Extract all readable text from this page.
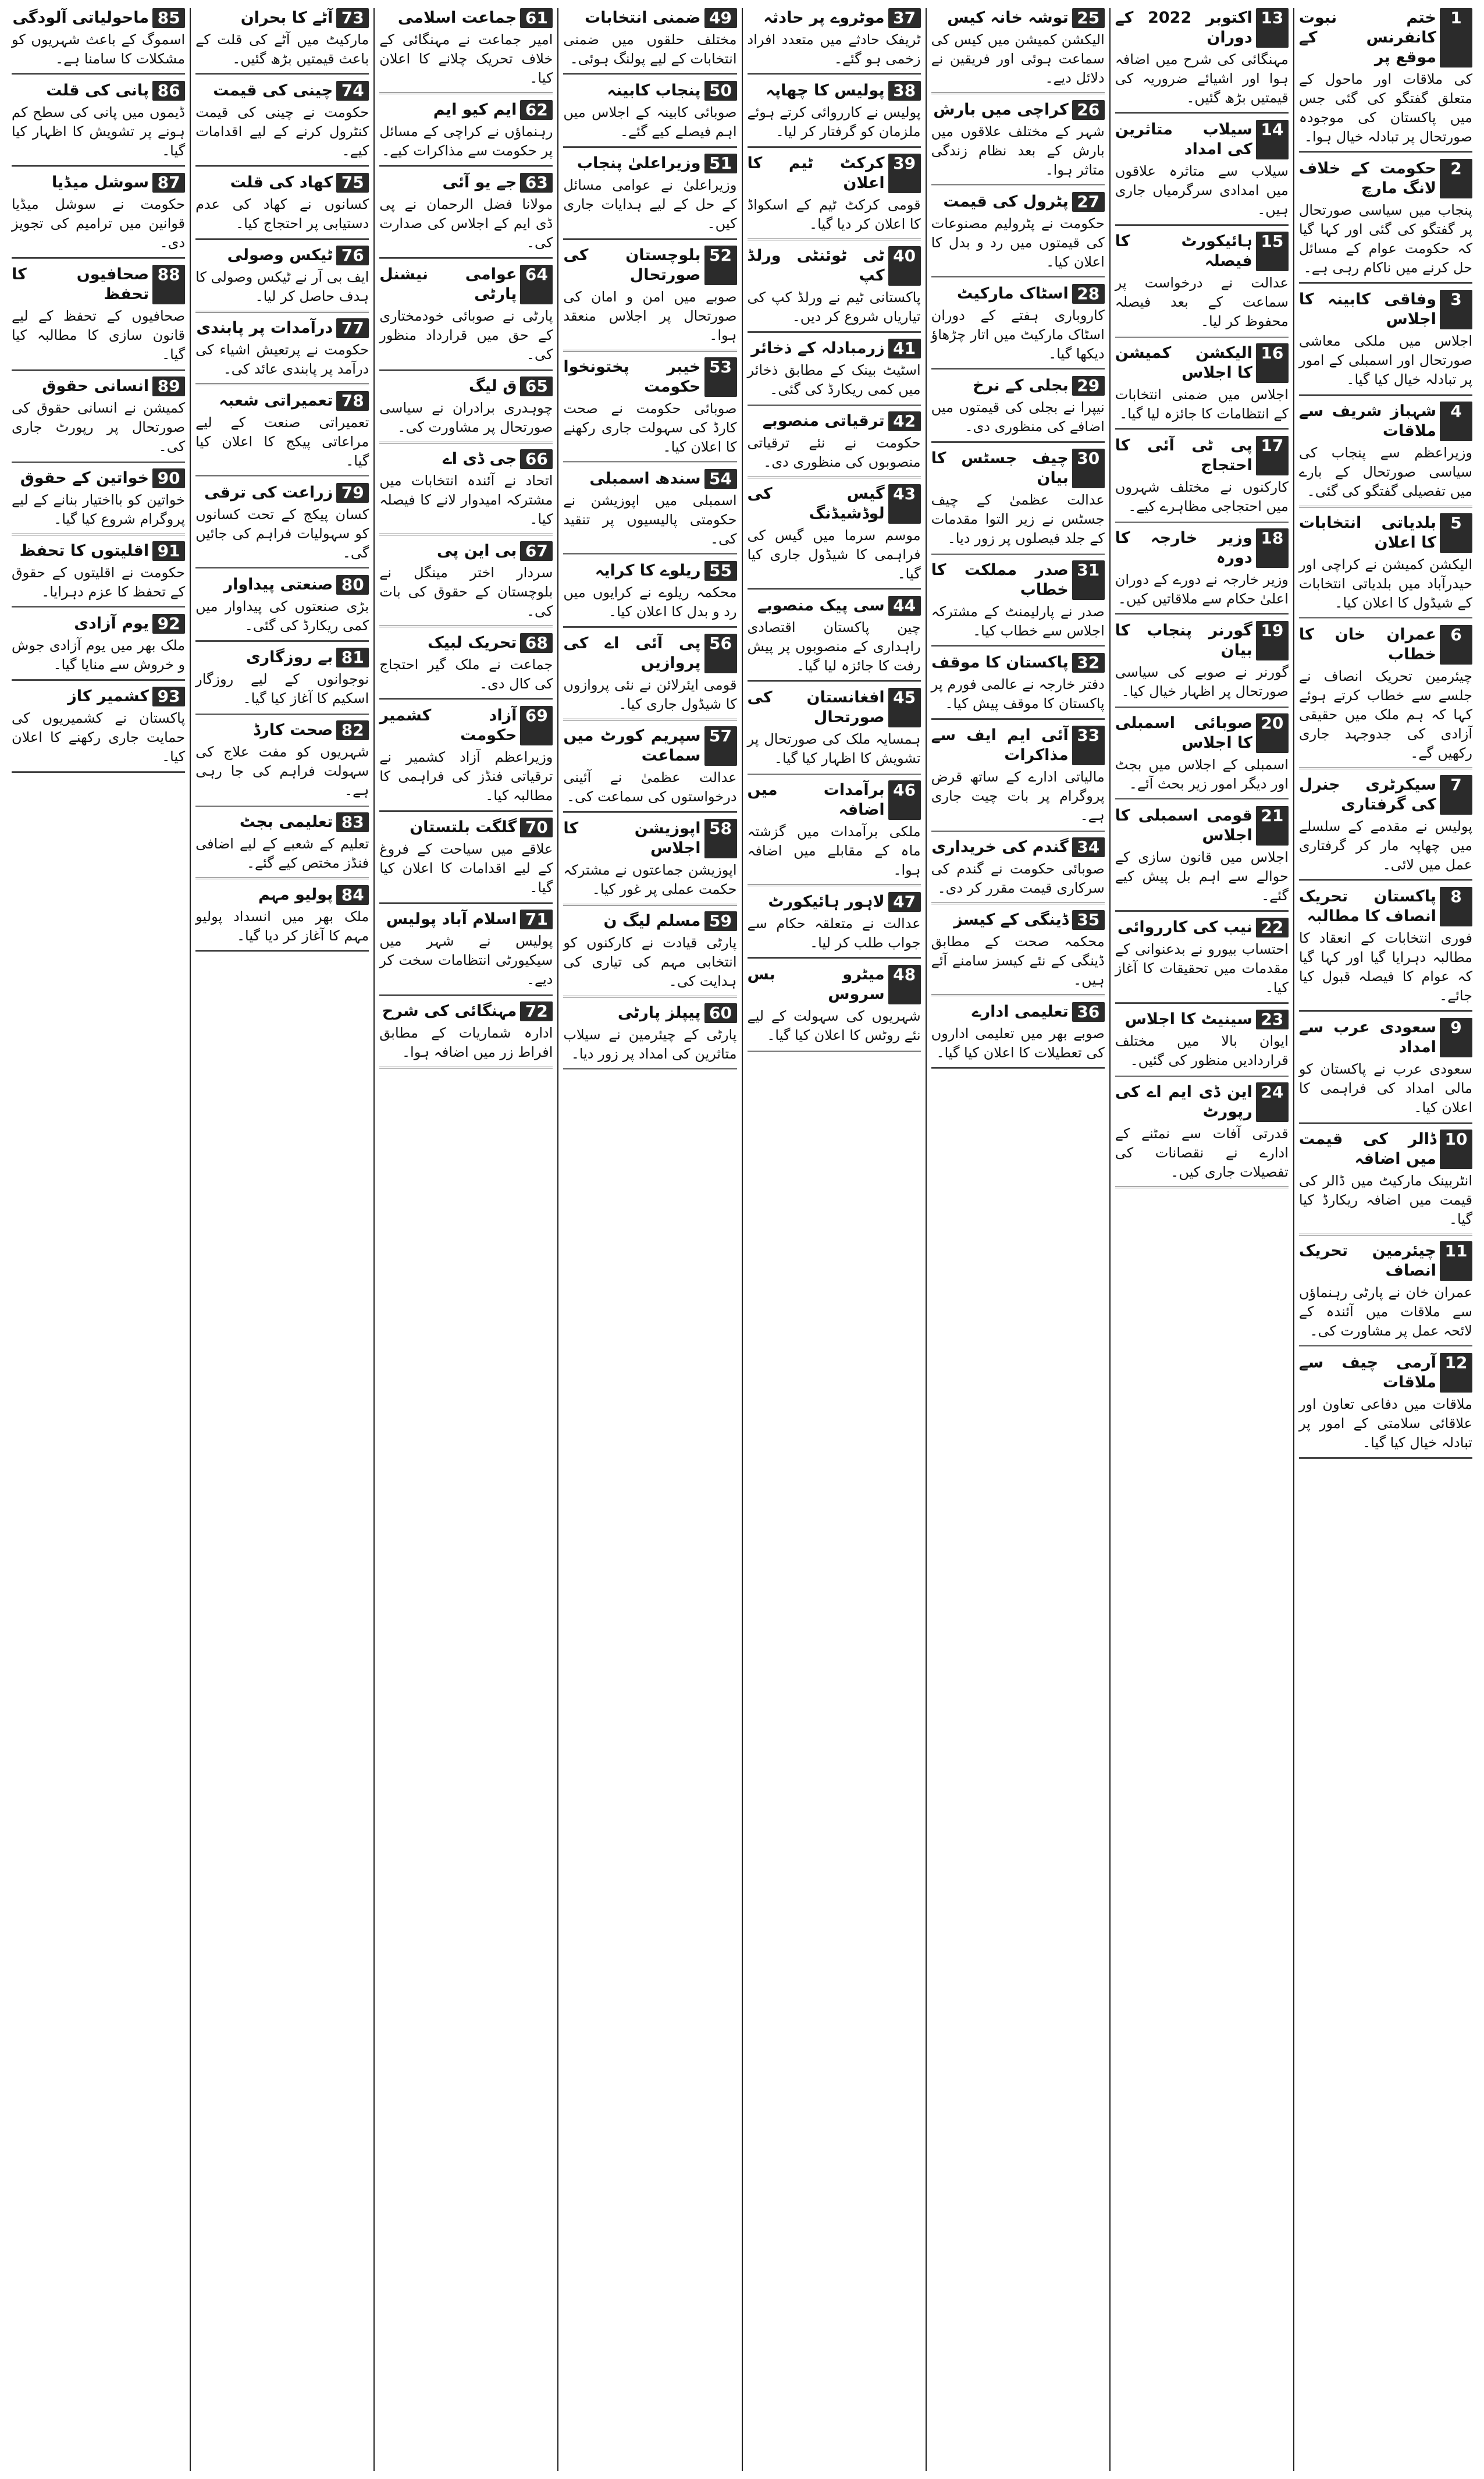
1
ختم نبوت کانفرنس کے موقع پر

کی ملاقات اور ماحول کے متعلق گفتگو کی گئی جس میں پاکستان کی موجودہ صورتحال پر تبادلہ خیال ہوا۔

2
حکومت کے خلاف لانگ مارچ

پنجاب میں سیاسی صورتحال پر گفتگو کی گئی اور کہا گیا کہ حکومت عوام کے مسائل حل کرنے میں ناکام رہی ہے۔

3
وفاقی کابینہ کا اجلاس

اجلاس میں ملکی معاشی صورتحال اور اسمبلی کے امور پر تبادلہ خیال کیا گیا۔

4
شہباز شریف سے ملاقات

وزیراعظم سے پنجاب کی سیاسی صورتحال کے بارے میں تفصیلی گفتگو کی گئی۔

5
بلدیاتی انتخابات کا اعلان

الیکشن کمیشن نے کراچی اور حیدرآباد میں بلدیاتی انتخابات کے شیڈول کا اعلان کیا۔

6
عمران خان کا خطاب

چیئرمین تحریک انصاف نے جلسے سے خطاب کرتے ہوئے کہا کہ ہم ملک میں حقیقی آزادی کی جدوجہد جاری رکھیں گے۔

7
سیکرٹری جنرل کی گرفتاری

پولیس نے مقدمے کے سلسلے میں چھاپہ مار کر گرفتاری عمل میں لائی۔

8
پاکستان تحریک انصاف کا مطالبہ

فوری انتخابات کے انعقاد کا مطالبہ دہرایا گیا اور کہا گیا کہ عوام کا فیصلہ قبول کیا جائے۔

9
سعودی عرب سے امداد

سعودی عرب نے پاکستان کو مالی امداد کی فراہمی کا اعلان کیا۔

10
ڈالر کی قیمت میں اضافہ

انٹربینک مارکیٹ میں ڈالر کی قیمت میں اضافہ ریکارڈ کیا گیا۔

11
چیئرمین تحریک انصاف

عمران خان نے پارٹی رہنماؤں سے ملاقات میں آئندہ کے لائحہ عمل پر مشاورت کی۔

12
آرمی چیف سے ملاقات

ملاقات میں دفاعی تعاون اور علاقائی سلامتی کے امور پر تبادلہ خیال کیا گیا۔

13
اکتوبر 2022 کے دوران

مہنگائی کی شرح میں اضافہ ہوا اور اشیائے ضروریہ کی قیمتیں بڑھ گئیں۔

14
سیلاب متاثرین کی امداد

سیلاب سے متاثرہ علاقوں میں امدادی سرگرمیاں جاری ہیں۔

15
ہائیکورٹ کا فیصلہ

عدالت نے درخواست پر سماعت کے بعد فیصلہ محفوظ کر لیا۔

16
الیکشن کمیشن کا اجلاس

اجلاس میں ضمنی انتخابات کے انتظامات کا جائزہ لیا گیا۔

17
پی ٹی آئی کا احتجاج

کارکنوں نے مختلف شہروں میں احتجاجی مظاہرے کیے۔

18
وزیر خارجہ کا دورہ

وزیر خارجہ نے دورے کے دوران اعلیٰ حکام سے ملاقاتیں کیں۔

19
گورنر پنجاب کا بیان

گورنر نے صوبے کی سیاسی صورتحال پر اظہار خیال کیا۔

20
صوبائی اسمبلی کا اجلاس

اسمبلی کے اجلاس میں بجٹ اور دیگر امور زیر بحث آئے۔

21
قومی اسمبلی کا اجلاس

اجلاس میں قانون سازی کے حوالے سے اہم بل پیش کیے گئے۔

22
نیب کی کارروائی

احتساب بیورو نے بدعنوانی کے مقدمات میں تحقیقات کا آغاز کیا۔

23
سینیٹ کا اجلاس

ایوان بالا میں مختلف قراردادیں منظور کی گئیں۔

24
این ڈی ایم اے کی رپورٹ

قدرتی آفات سے نمٹنے کے ادارے نے نقصانات کی تفصیلات جاری کیں۔

25
توشہ خانہ کیس

الیکشن کمیشن میں کیس کی سماعت ہوئی اور فریقین نے دلائل دیے۔

26
کراچی میں بارش

شہر کے مختلف علاقوں میں بارش کے بعد نظام زندگی متاثر ہوا۔

27
پٹرول کی قیمت

حکومت نے پٹرولیم مصنوعات کی قیمتوں میں رد و بدل کا اعلان کیا۔

28
اسٹاک مارکیٹ

کاروباری ہفتے کے دوران اسٹاک مارکیٹ میں اتار چڑھاؤ دیکھا گیا۔

29
بجلی کے نرخ

نیپرا نے بجلی کی قیمتوں میں اضافے کی منظوری دی۔

30
چیف جسٹس کا بیان

عدالت عظمیٰ کے چیف جسٹس نے زیر التوا مقدمات کے جلد فیصلوں پر زور دیا۔

31
صدر مملکت کا خطاب

صدر نے پارلیمنٹ کے مشترکہ اجلاس سے خطاب کیا۔

32
پاکستان کا موقف

دفتر خارجہ نے عالمی فورم پر پاکستان کا موقف پیش کیا۔

33
آئی ایم ایف سے مذاکرات

مالیاتی ادارے کے ساتھ قرض پروگرام پر بات چیت جاری ہے۔

34
گندم کی خریداری

صوبائی حکومت نے گندم کی سرکاری قیمت مقرر کر دی۔

35
ڈینگی کے کیسز

محکمہ صحت کے مطابق ڈینگی کے نئے کیسز سامنے آئے ہیں۔

36
تعلیمی ادارے

صوبے بھر میں تعلیمی اداروں کی تعطیلات کا اعلان کیا گیا۔

37
موٹروے پر حادثہ

ٹریفک حادثے میں متعدد افراد زخمی ہو گئے۔

38
پولیس کا چھاپہ

پولیس نے کارروائی کرتے ہوئے ملزمان کو گرفتار کر لیا۔

39
کرکٹ ٹیم کا اعلان

قومی کرکٹ ٹیم کے اسکواڈ کا اعلان کر دیا گیا۔

40
ٹی ٹوئنٹی ورلڈ کپ

پاکستانی ٹیم نے ورلڈ کپ کی تیاریاں شروع کر دیں۔

41
زرمبادلہ کے ذخائر

اسٹیٹ بینک کے مطابق ذخائر میں کمی ریکارڈ کی گئی۔

42
ترقیاتی منصوبے

حکومت نے نئے ترقیاتی منصوبوں کی منظوری دی۔

43
گیس کی لوڈشیڈنگ

موسم سرما میں گیس کی فراہمی کا شیڈول جاری کیا گیا۔

44
سی پیک منصوبے

چین پاکستان اقتصادی راہداری کے منصوبوں پر پیش رفت کا جائزہ لیا گیا۔

45
افغانستان کی صورتحال

ہمسایہ ملک کی صورتحال پر تشویش کا اظہار کیا گیا۔

46
برآمدات میں اضافہ

ملکی برآمدات میں گزشتہ ماہ کے مقابلے میں اضافہ ہوا۔

47
لاہور ہائیکورٹ

عدالت نے متعلقہ حکام سے جواب طلب کر لیا۔

48
میٹرو بس سروس

شہریوں کی سہولت کے لیے نئے روٹس کا اعلان کیا گیا۔

49
ضمنی انتخابات

مختلف حلقوں میں ضمنی انتخابات کے لیے پولنگ ہوئی۔

50
پنجاب کابینہ

صوبائی کابینہ کے اجلاس میں اہم فیصلے کیے گئے۔

51
وزیراعلیٰ پنجاب

وزیراعلیٰ نے عوامی مسائل کے حل کے لیے ہدایات جاری کیں۔

52
بلوچستان کی صورتحال

صوبے میں امن و امان کی صورتحال پر اجلاس منعقد ہوا۔

53
خیبر پختونخوا حکومت

صوبائی حکومت نے صحت کارڈ کی سہولت جاری رکھنے کا اعلان کیا۔

54
سندھ اسمبلی

اسمبلی میں اپوزیشن نے حکومتی پالیسیوں پر تنقید کی۔

55
ریلوے کا کرایہ

محکمہ ریلوے نے کرایوں میں رد و بدل کا اعلان کیا۔

56
پی آئی اے کی پروازیں

قومی ایئرلائن نے نئی پروازوں کا شیڈول جاری کیا۔

57
سپریم کورٹ میں سماعت

عدالت عظمیٰ نے آئینی درخواستوں کی سماعت کی۔

58
اپوزیشن کا اجلاس

اپوزیشن جماعتوں نے مشترکہ حکمت عملی پر غور کیا۔

59
مسلم لیگ ن

پارٹی قیادت نے کارکنوں کو انتخابی مہم کی تیاری کی ہدایت کی۔

60
پیپلز پارٹی

پارٹی کے چیئرمین نے سیلاب متاثرین کی امداد پر زور دیا۔

61
جماعت اسلامی

امیر جماعت نے مہنگائی کے خلاف تحریک چلانے کا اعلان کیا۔

62
ایم کیو ایم

رہنماؤں نے کراچی کے مسائل پر حکومت سے مذاکرات کیے۔

63
جے یو آئی

مولانا فضل الرحمان نے پی ڈی ایم کے اجلاس کی صدارت کی۔

64
عوامی نیشنل پارٹی

پارٹی نے صوبائی خودمختاری کے حق میں قرارداد منظور کی۔

65
ق لیگ

چوہدری برادران نے سیاسی صورتحال پر مشاورت کی۔

66
جی ڈی اے

اتحاد نے آئندہ انتخابات میں مشترکہ امیدوار لانے کا فیصلہ کیا۔

67
بی این پی

سردار اختر مینگل نے بلوچستان کے حقوق کی بات کی۔

68
تحریک لبیک

جماعت نے ملک گیر احتجاج کی کال دی۔

69
آزاد کشمیر حکومت

وزیراعظم آزاد کشمیر نے ترقیاتی فنڈز کی فراہمی کا مطالبہ کیا۔

70
گلگت بلتستان

علاقے میں سیاحت کے فروغ کے لیے اقدامات کا اعلان کیا گیا۔

71
اسلام آباد پولیس

پولیس نے شہر میں سیکیورٹی انتظامات سخت کر دیے۔

72
مہنگائی کی شرح

ادارہ شماریات کے مطابق افراط زر میں اضافہ ہوا۔

73
آٹے کا بحران

مارکیٹ میں آٹے کی قلت کے باعث قیمتیں بڑھ گئیں۔

74
چینی کی قیمت

حکومت نے چینی کی قیمت کنٹرول کرنے کے لیے اقدامات کیے۔

75
کھاد کی قلت

کسانوں نے کھاد کی عدم دستیابی پر احتجاج کیا۔

76
ٹیکس وصولی

ایف بی آر نے ٹیکس وصولی کا ہدف حاصل کر لیا۔

77
درآمدات پر پابندی

حکومت نے پرتعیش اشیاء کی درآمد پر پابندی عائد کی۔

78
تعمیراتی شعبہ

تعمیراتی صنعت کے لیے مراعاتی پیکج کا اعلان کیا گیا۔

79
زراعت کی ترقی

کسان پیکج کے تحت کسانوں کو سہولیات فراہم کی جائیں گی۔

80
صنعتی پیداوار

بڑی صنعتوں کی پیداوار میں کمی ریکارڈ کی گئی۔

81
بے روزگاری

نوجوانوں کے لیے روزگار اسکیم کا آغاز کیا گیا۔

82
صحت کارڈ

شہریوں کو مفت علاج کی سہولت فراہم کی جا رہی ہے۔

83
تعلیمی بجٹ

تعلیم کے شعبے کے لیے اضافی فنڈز مختص کیے گئے۔

84
پولیو مہم

ملک بھر میں انسداد پولیو مہم کا آغاز کر دیا گیا۔

85
ماحولیاتی آلودگی

اسموگ کے باعث شہریوں کو مشکلات کا سامنا ہے۔

86
پانی کی قلت

ڈیموں میں پانی کی سطح کم ہونے پر تشویش کا اظہار کیا گیا۔

87
سوشل میڈیا

حکومت نے سوشل میڈیا قوانین میں ترامیم کی تجویز دی۔

88
صحافیوں کا تحفظ

صحافیوں کے تحفظ کے لیے قانون سازی کا مطالبہ کیا گیا۔

89
انسانی حقوق

کمیشن نے انسانی حقوق کی صورتحال پر رپورٹ جاری کی۔

90
خواتین کے حقوق

خواتین کو بااختیار بنانے کے لیے پروگرام شروع کیا گیا۔

91
اقلیتوں کا تحفظ

حکومت نے اقلیتوں کے حقوق کے تحفظ کا عزم دہرایا۔

92
یوم آزادی

ملک بھر میں یوم آزادی جوش و خروش سے منایا گیا۔

93
کشمیر کاز

پاکستان نے کشمیریوں کی حمایت جاری رکھنے کا اعلان کیا۔
